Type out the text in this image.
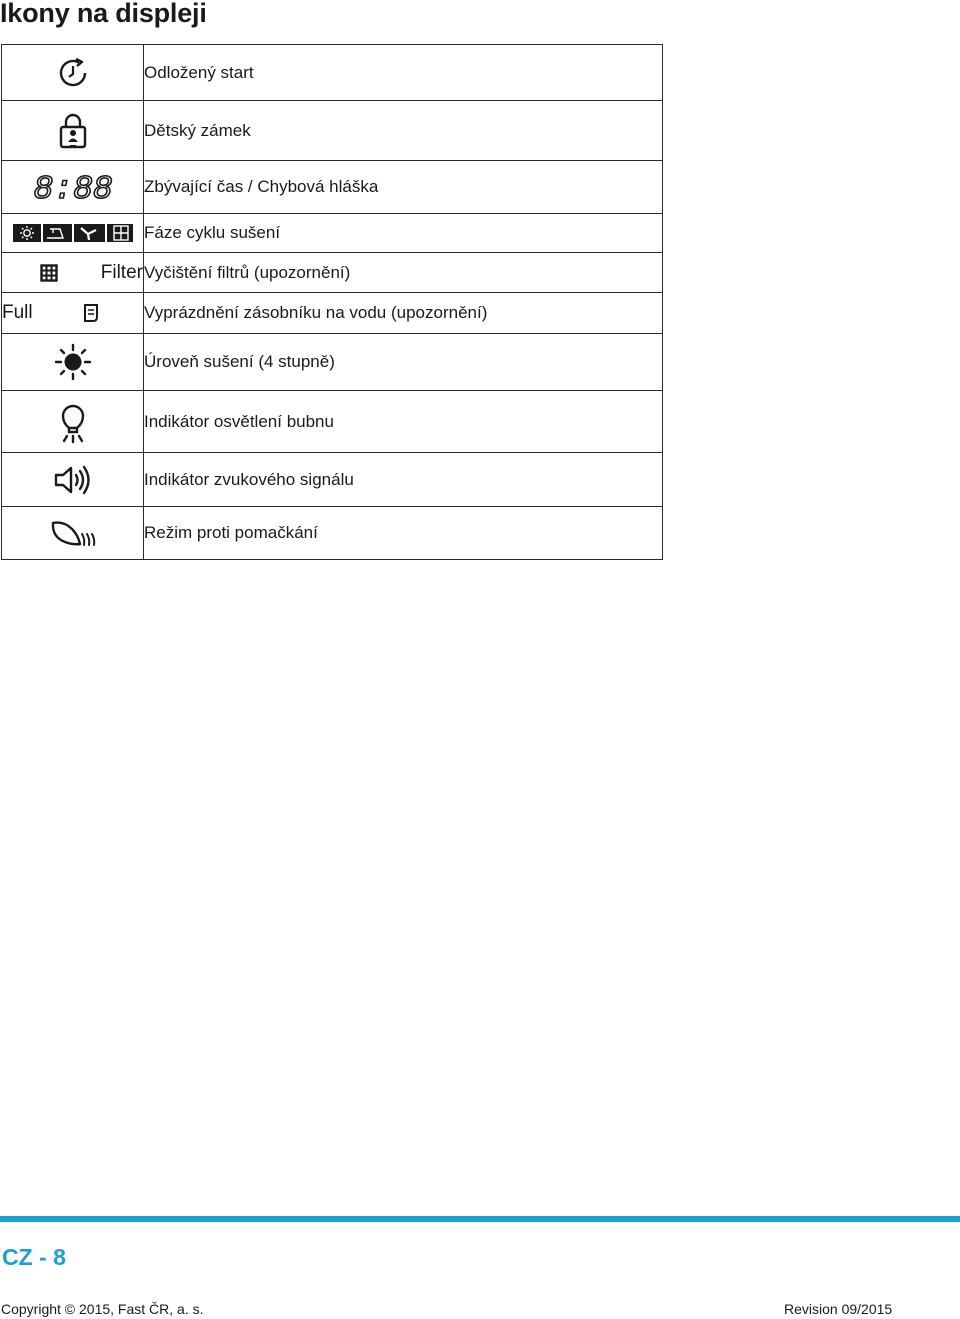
Ikony na displeji
	Odložený start

	Dětský zámek

8:88	Zbývající čas / Chybová hláška

	Fáze cyklu sušení

Filter	Vyčištění filtrů (upozornění)

Full	Vyprázdnění zásobníku na vodu (upozornění)

	Úroveň sušení (4 stupně)

	Indikátor osvětlení bubnu

	Indikátor zvukového signálu

	Režim proti pomačkání
CZ - 8
Copyright © 2015, Fast ČR, a. s.	Revision 09/2015
